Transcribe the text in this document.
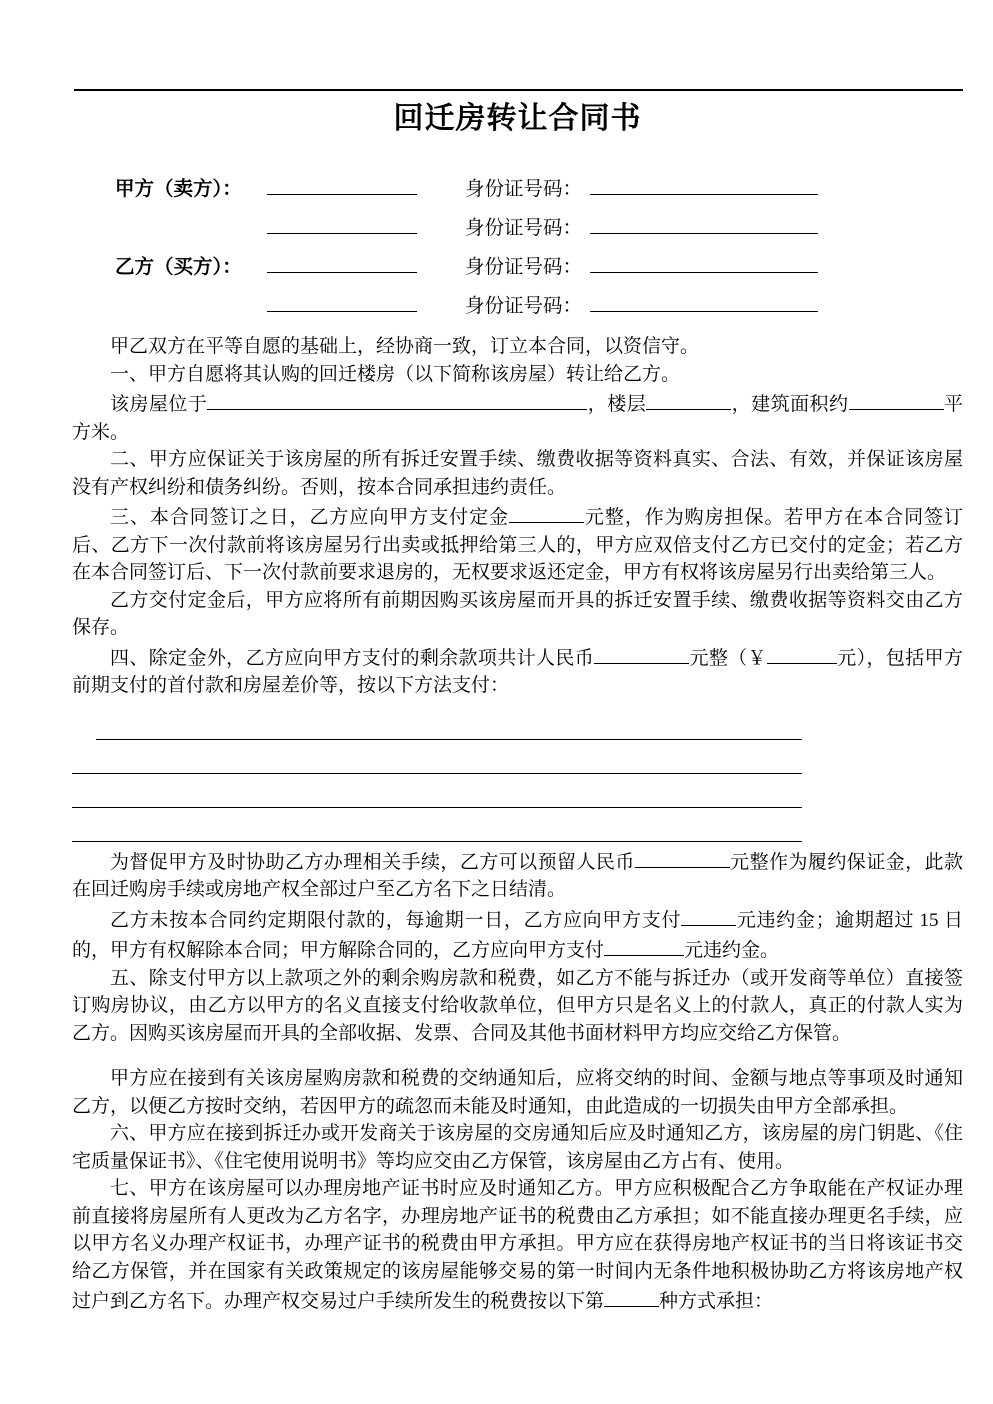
回迁房转让合同书
甲方（卖方）：	身份证号码：
身份证号码：
乙方（买方）：	身份证号码：
身份证号码：

甲乙双方在平等自愿的基础上，经协商一致，订立本合同，以资信守。

一、甲方自愿将其认购的回迁楼房（以下简称该房屋）转让给乙方。

该房屋位于	，楼层	，建筑面积约	平方米。

二、甲方应保证关于该房屋的所有拆迁安置手续、缴费收据等资料真实、合法、有效，并保证该房屋没有产权纠纷和债务纠纷。否则，按本合同承担违约责任。

三、本合同签订之日，乙方应向甲方支付定金	元整，作为购房担保。若甲方在本合同签订后、乙方下一次付款前将该房屋另行出卖或抵押给第三人的，甲方应双倍支付乙方已交付的定金；若乙方在本合同签订后、下一次付款前要求退房的，无权要求返还定金，甲方有权将该房屋另行出卖给第三人。

乙方交付定金后，甲方应将所有前期因购买该房屋而开具的拆迁安置手续、缴费收据等资料交由乙方保存。

四、除定金外，乙方应向甲方支付的剩余款项共计人民币	元整（￥	元），包括甲方前期支付的首付款和房屋差价等，按以下方法支付：

为督促甲方及时协助乙方办理相关手续，乙方可以预留人民币	元整作为履约保证金，此款在回迁购房手续或房地产权全部过户至乙方名下之日结清。

乙方未按本合同约定期限付款的，每逾期一日，乙方应向甲方支付	元违约金；逾期超过 15 日的，甲方有权解除本合同；甲方解除合同的，乙方应向甲方支付	元违约金。

五、除支付甲方以上款项之外的剩余购房款和税费，如乙方不能与拆迁办（或开发商等单位）直接签订购房协议，由乙方以甲方的名义直接支付给收款单位，但甲方只是名义上的付款人，真正的付款人实为乙方。因购买该房屋而开具的全部收据、发票、合同及其他书面材料甲方均应交给乙方保管。

甲方应在接到有关该房屋购房款和税费的交纳通知后，应将交纳的时间、金额与地点等事项及时通知乙方，以便乙方按时交纳，若因甲方的疏忽而未能及时通知，由此造成的一切损失由甲方全部承担。

六、甲方应在接到拆迁办或开发商关于该房屋的交房通知后应及时通知乙方，该房屋的房门钥匙、《住宅质量保证书》、《住宅使用说明书》等均应交由乙方保管，该房屋由乙方占有、使用。

七、甲方在该房屋可以办理房地产证书时应及时通知乙方。甲方应积极配合乙方争取能在产权证办理前直接将房屋所有人更改为乙方名字，办理房地产证书的税费由乙方承担；如不能直接办理更名手续，应以甲方名义办理产权证书，办理产证书的税费由甲方承担。甲方应在获得房地产权证书的当日将该证书交给乙方保管，并在国家有关政策规定的该房屋能够交易的第一时间内无条件地积极协助乙方将该房地产权过户到乙方名下。办理产权交易过户手续所发生的税费按以下第	种方式承担：
